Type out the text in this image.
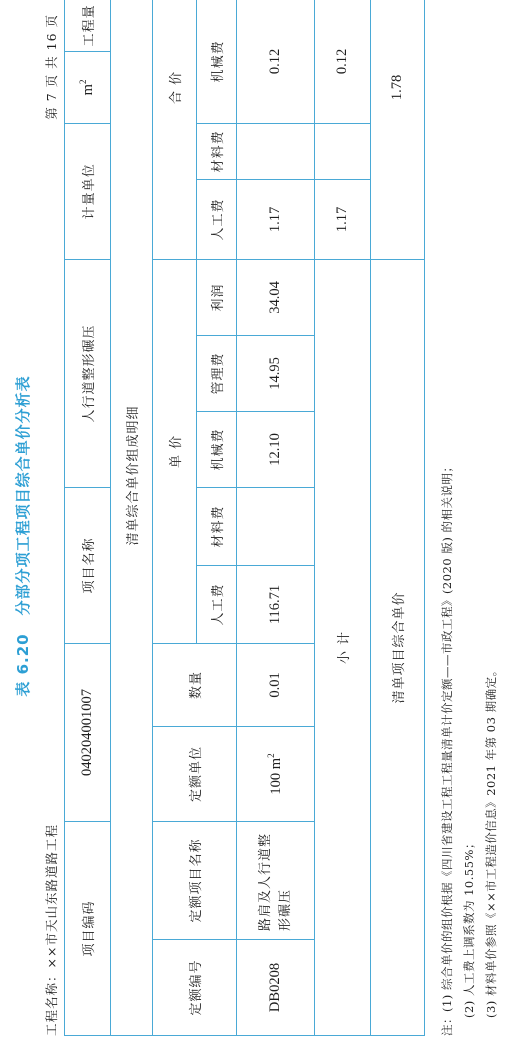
表 6.20分部分项工程项目综合单价分析表
工程名称：××市天山东路道路工程
第 7 页 共 16 页
项目编码		040204001007		项目名称		人行道整形碾压			计量单位		$m^2$	工程量	
清单综合单价组成明细														
定额编号	定额项目名称	定额单位	数量	单 价					合 价					
				人工费	材料费	机械费	管理费	利润	人工费	材料费	机械费		
DB0208	路肩及人行道整形碾压	100 $m^2$	0.01	116.71		12.10	14.95	34.04	1.17		0.12		
小 计									1.17		0.12		
清单项目综合单价									1.78					
注：(1) 综合单价的组价根据《四川省建设工程工程量清单计价定额——市政工程》(2020 版) 的相关说明； (2) 人工费上调系数为 10.55%； (3) 材料单价参照《××市工程造价信息》2021 年第 03 期确定。
